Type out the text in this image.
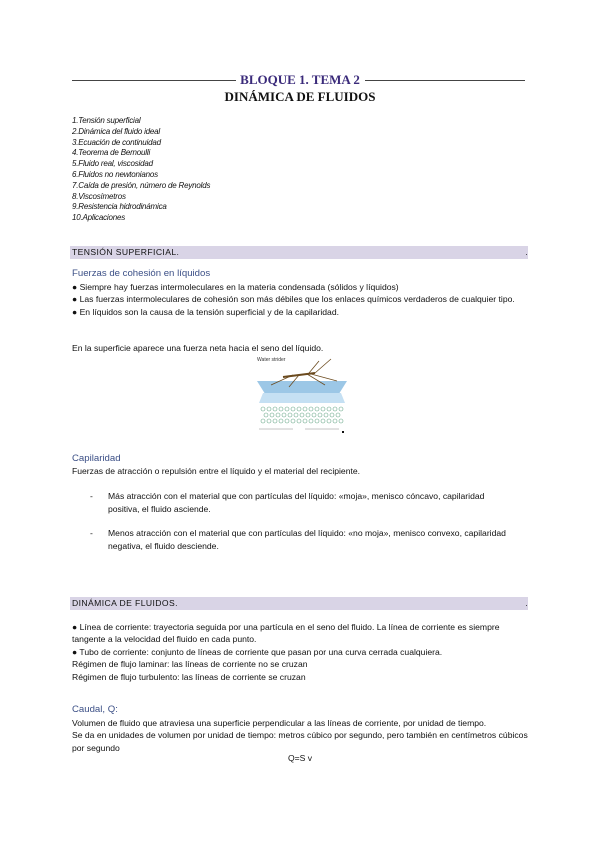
BLOQUE 1. TEMA 2
DINÁMICA DE FLUIDOS
1.Tensión superficial
2.Dinámica del fluido ideal
3.Ecuación de continuidad
4.Teorema de Bernoulli
5.Fluido real, viscosidad
6.Fluidos no newtonianos
7.Caída de presión, número de Reynolds
8.Viscosímetros
9.Resistencia hidrodinámica
10.Aplicaciones
TENSIÓN SUPERFICIAL.	.
Fuerzas de cohesión en líquidos

● Siempre hay fuerzas intermoleculares en la materia condensada (sólidos y líquidos)

● Las fuerzas intermoleculares de cohesión son más débiles que los enlaces químicos verdaderos de cualquier tipo.

● En líquidos son la causa de la tensión superficial y de la capilaridad.

En la superficie aparece una fuerza neta hacia el seno del líquido.
Water strider
Capilaridad
Fuerzas de atracción o repulsión entre el líquido y el material del recipiente.
- Más atracción con el material que con partículas del líquido: «moja», menisco cóncavo, capilaridad positiva, el fluido asciende.
- Menos atracción con el material que con partículas del líquido: «no moja», menisco convexo, capilaridad negativa, el fluido desciende.
DINÁMICA DE FLUIDOS.	.

● Línea de corriente: trayectoria seguida por una partícula en el seno del fluido. La línea de corriente es siempre tangente a la velocidad del fluido en cada punto.

● Tubo de corriente: conjunto de líneas de corriente que pasan por una curva cerrada cualquiera.

Régimen de flujo laminar: las líneas de corriente no se cruzan

Régimen de flujo turbulento: las líneas de corriente se cruzan

Caudal, Q:

Volumen de fluido que atraviesa una superficie perpendicular a las líneas de corriente, por unidad de tiempo.

Se da en unidades de volumen por unidad de tiempo: metros cúbico por segundo, pero también en centímetros cúbicos por segundo

Q=S v
